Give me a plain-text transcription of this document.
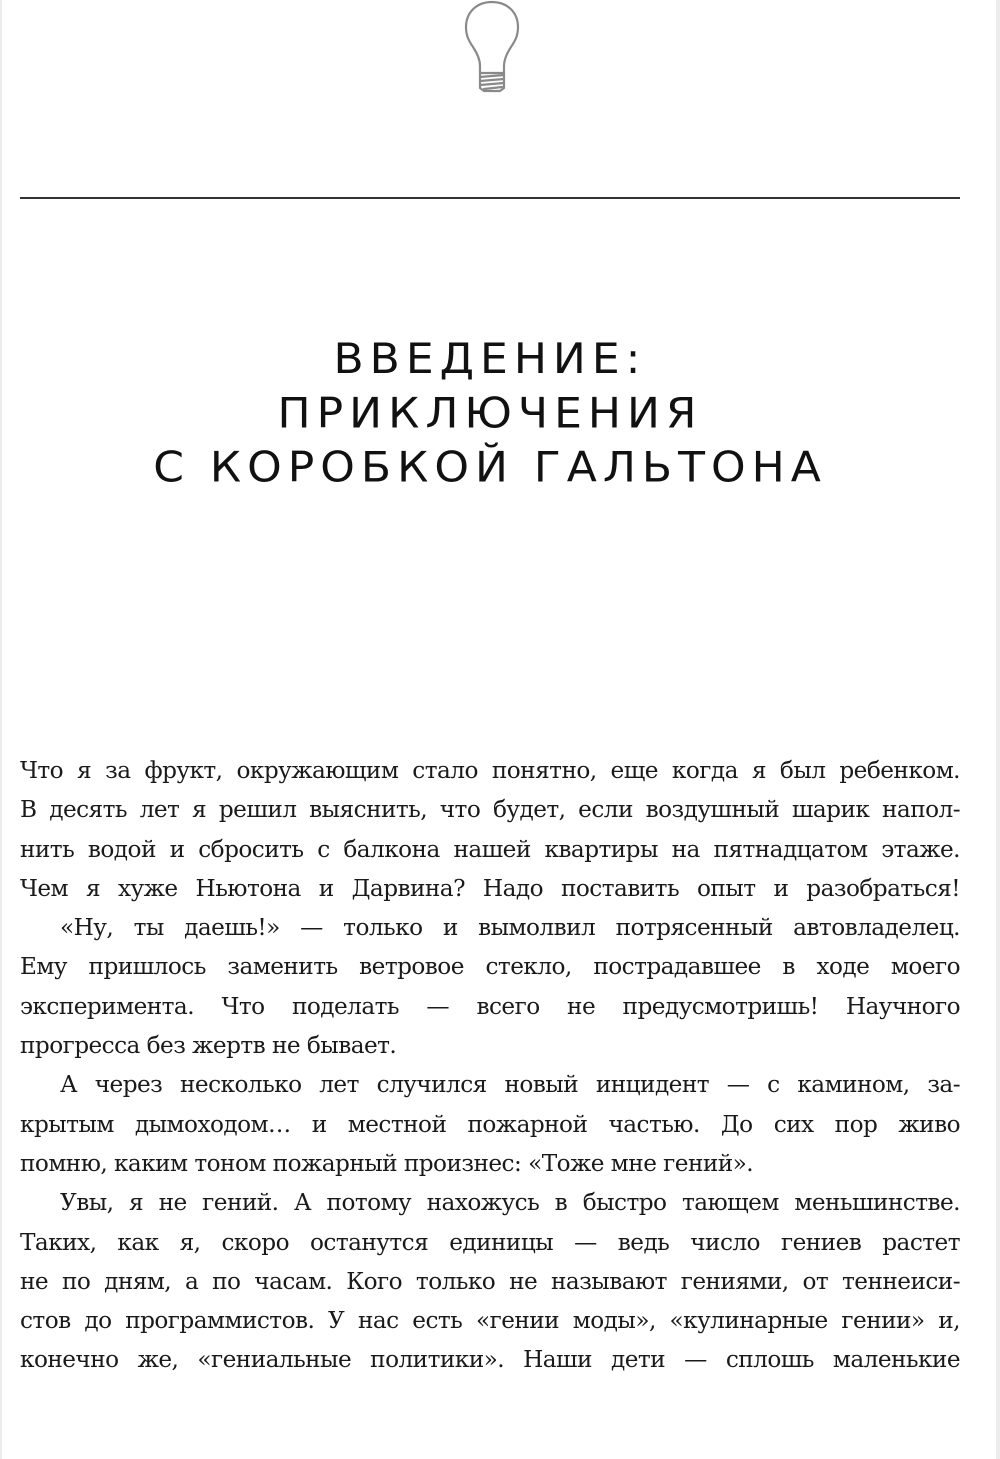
ВВЕДЕНИЕ:
ПРИКЛЮЧЕНИЯ
С КОРОБКОЙ ГАЛЬТОНА
Что я за фрукт, окружающим стало понятно, еще когда я был ребенком.
В десять лет я решил выяснить, что будет, если воздушный шарик напол-
нить водой и сбросить с балкона нашей квартиры на пятнадцатом этаже.
Чем я хуже Ньютона и Дарвина? Надо поставить опыт и разобраться!
«Ну, ты даешь!» — только и вымолвил потрясенный автовладелец.
Ему пришлось заменить ветровое стекло, пострадавшее в ходе моего
эксперимента. Что поделать — всего не предусмотришь! Научного
прогресса без жертв не бывает.
А через несколько лет случился новый инцидент — с камином, за-
крытым дымоходом… и местной пожарной частью. До сих пор живо
помню, каким тоном пожарный произнес: «Тоже мне гений».
Увы, я не гений. А потому нахожусь в быстро тающем меньшинстве.
Таких, как я, скоро останутся единицы — ведь число гениев растет
не по дням, а по часам. Кого только не называют гениями, от теннеиси-
стов до программистов. У нас есть «гении моды», «кулинарные гении» и,
конечно же, «гениальные политики». Наши дети — сплошь маленькие
